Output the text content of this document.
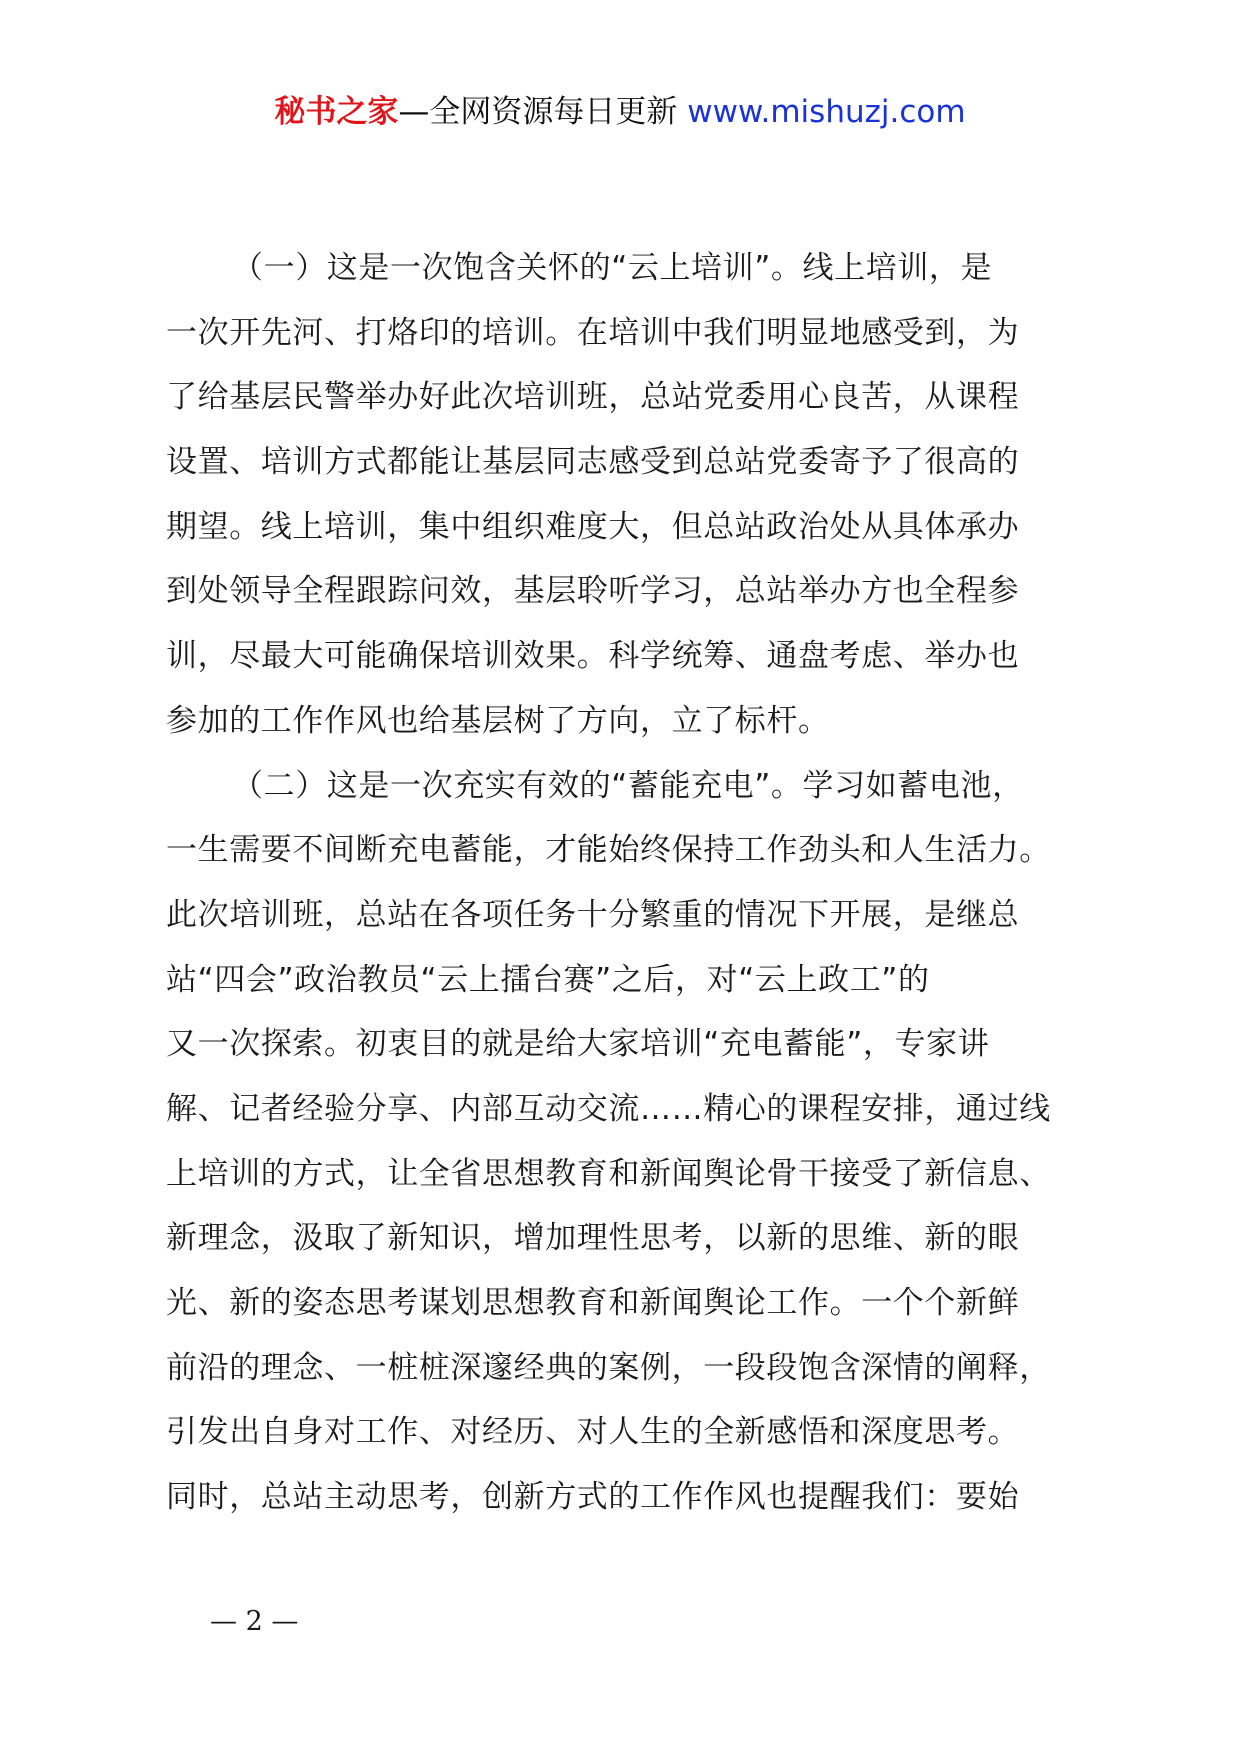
秘书之家—全网资源每日更新 www.mishuzj.com
（一）这是一次饱含关怀的“云上培训”。线上培训，是
一次开先河、打烙印的培训。在培训中我们明显地感受到，为
了给基层民警举办好此次培训班，总站党委用心良苦，从课程
设置、培训方式都能让基层同志感受到总站党委寄予了很高的
期望。线上培训，集中组织难度大，但总站政治处从具体承办
到处领导全程跟踪问效，基层聆听学习，总站举办方也全程参
训，尽最大可能确保培训效果。科学统筹、通盘考虑、举办也
参加的工作作风也给基层树了方向，立了标杆。
（二）这是一次充实有效的“蓄能充电”。学习如蓄电池，
一生需要不间断充电蓄能，才能始终保持工作劲头和人生活力。
此次培训班，总站在各项任务十分繁重的情况下开展，是继总
站“四会”政治教员“云上擂台赛”之后，对“云上政工”的
又一次探索。初衷目的就是给大家培训“充电蓄能”，专家讲
解、记者经验分享、内部互动交流……精心的课程安排，通过线
上培训的方式，让全省思想教育和新闻舆论骨干接受了新信息、
新理念，汲取了新知识，增加理性思考，以新的思维、新的眼
光、新的姿态思考谋划思想教育和新闻舆论工作。一个个新鲜
前沿的理念、一桩桩深邃经典的案例，一段段饱含深情的阐释，
引发出自身对工作、对经历、对人生的全新感悟和深度思考。
同时，总站主动思考，创新方式的工作作风也提醒我们：要始
— 2 —
